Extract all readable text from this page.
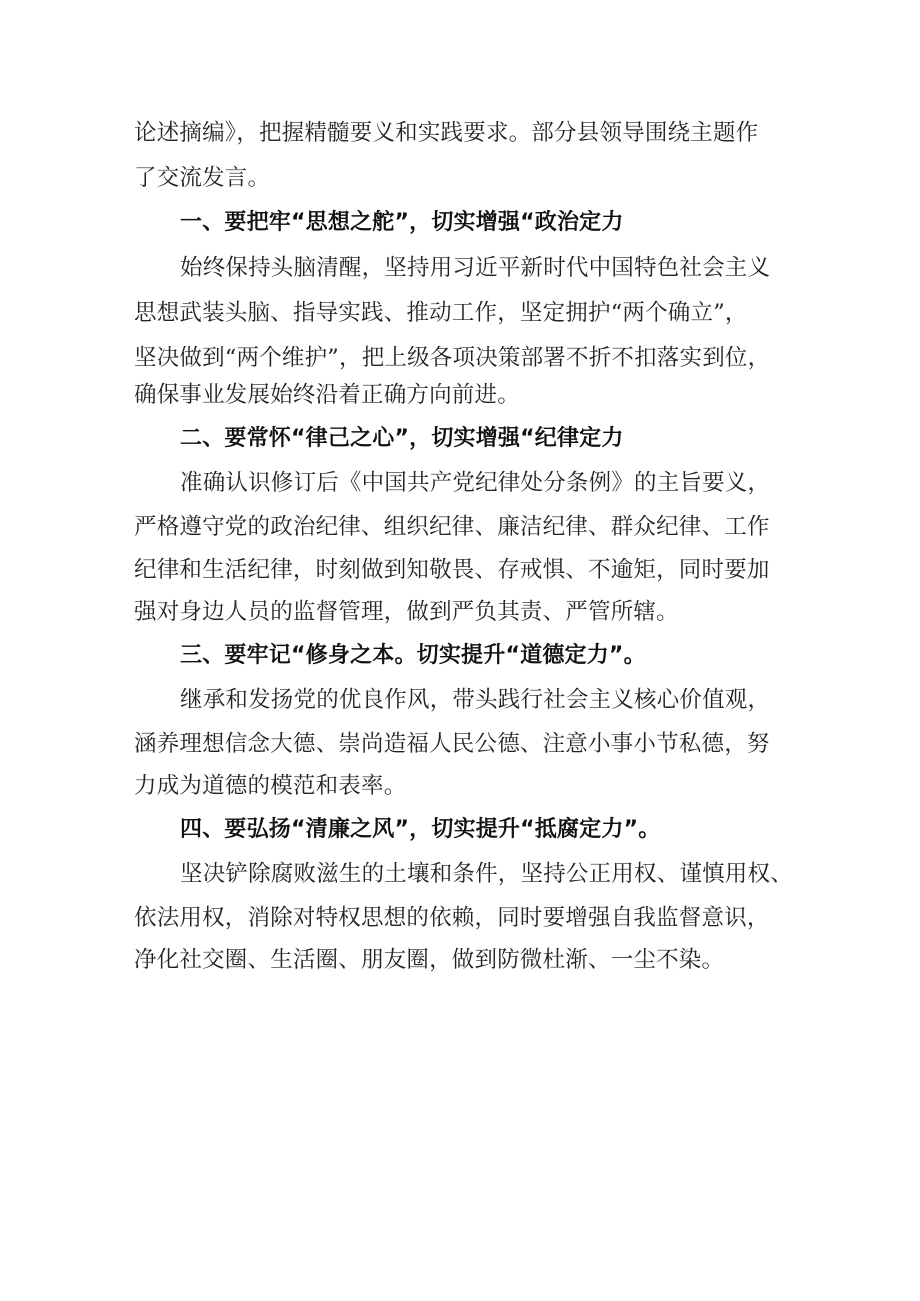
论述摘编》，把握精髓要义和实践要求。部分县领导围绕主题作
了交流发言。
一、要把牢“思想之舵”，切实增强“政治定力
始终保持头脑清醒，坚持用习近平新时代中国特色社会主义
思想武装头脑、指导实践、推动工作，坚定拥护“两个确立”，
坚决做到“两个维护”，把上级各项决策部署不折不扣落实到位，
确保事业发展始终沿着正确方向前进。
二、要常怀“律己之心”，切实增强“纪律定力
准确认识修订后《中国共产党纪律处分条例》的主旨要义，
严格遵守党的政治纪律、组织纪律、廉洁纪律、群众纪律、工作
纪律和生活纪律，时刻做到知敬畏、存戒惧、不逾矩，同时要加
强对身边人员的监督管理，做到严负其责、严管所辖。
三、要牢记“修身之本。切实提升“道德定力”。
继承和发扬党的优良作风，带头践行社会主义核心价值观，
涵养理想信念大德、崇尚造福人民公德、注意小事小节私德，努
力成为道德的模范和表率。
四、要弘扬“清廉之风”，切实提升“抵腐定力”。
坚决铲除腐败滋生的土壤和条件，坚持公正用权、谨慎用权、
依法用权，消除对特权思想的依赖，同时要增强自我监督意识，
净化社交圈、生活圈、朋友圈，做到防微杜渐、一尘不染。
